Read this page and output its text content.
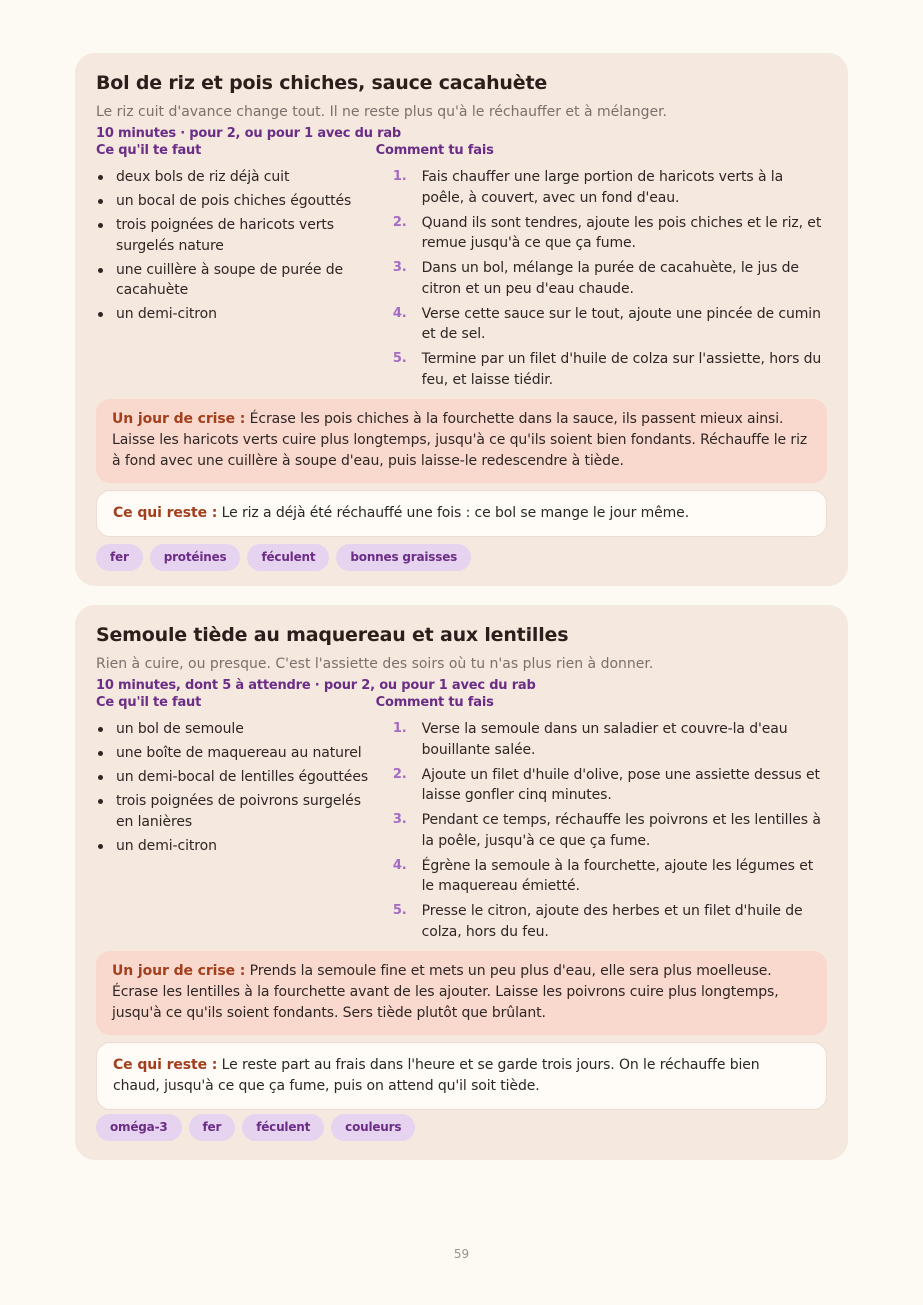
Bol de riz et pois chiches, sauce cacahuète

Le riz cuit d'avance change tout. Il ne reste plus qu'à le réchauffer et à mélanger.

10 minutes · pour 2, ou pour 1 avec du rab

Ce qu'il te faut
deux bols de riz déjà cuit
un bocal de pois chiches égouttés
trois poignées de haricots verts surgelés nature
une cuillère à soupe de purée de cacahuète
un demi-citron
Comment tu fais
1.	Fais chauffer une large portion de haricots verts à la poêle, à couvert, avec un fond d'eau.
2.	Quand ils sont tendres, ajoute les pois chiches et le riz, et remue jusqu'à ce que ça fume.
3.	Dans un bol, mélange la purée de cacahuète, le jus de citron et un peu d'eau chaude.
4.	Verse cette sauce sur le tout, ajoute une pincée de cumin et de sel.
5.	Termine par un filet d'huile de colza sur l'assiette, hors du feu, et laisse tiédir.
Un jour de crise : Écrase les pois chiches à la fourchette dans la sauce, ils passent mieux ainsi. Laisse les haricots verts cuire plus longtemps, jusqu'à ce qu'ils soient bien fondants. Réchauffe le riz à fond avec une cuillère à soupe d'eau, puis laisse-le redescendre à tiède.
Ce qui reste : Le riz a déjà été réchauffé une fois : ce bol se mange le jour même.
fer	protéines	féculent	bonnes graisses
Semoule tiède au maquereau et aux lentilles

Rien à cuire, ou presque. C'est l'assiette des soirs où tu n'as plus rien à donner.

10 minutes, dont 5 à attendre · pour 2, ou pour 1 avec du rab

Ce qu'il te faut
un bol de semoule
une boîte de maquereau au naturel
un demi-bocal de lentilles égouttées
trois poignées de poivrons surgelés en lanières
un demi-citron
Comment tu fais
1.	Verse la semoule dans un saladier et couvre-la d'eau bouillante salée.
2.	Ajoute un filet d'huile d'olive, pose une assiette dessus et laisse gonfler cinq minutes.
3.	Pendant ce temps, réchauffe les poivrons et les lentilles à la poêle, jusqu'à ce que ça fume.
4.	Égrène la semoule à la fourchette, ajoute les légumes et le maquereau émietté.
5.	Presse le citron, ajoute des herbes et un filet d'huile de colza, hors du feu.
Un jour de crise : Prends la semoule fine et mets un peu plus d'eau, elle sera plus moelleuse. Écrase les lentilles à la fourchette avant de les ajouter. Laisse les poivrons cuire plus longtemps, jusqu'à ce qu'ils soient fondants. Sers tiède plutôt que brûlant.
Ce qui reste : Le reste part au frais dans l'heure et se garde trois jours. On le réchauffe bien chaud, jusqu'à ce que ça fume, puis on attend qu'il soit tiède.
oméga-3	fer	féculent	couleurs
59
